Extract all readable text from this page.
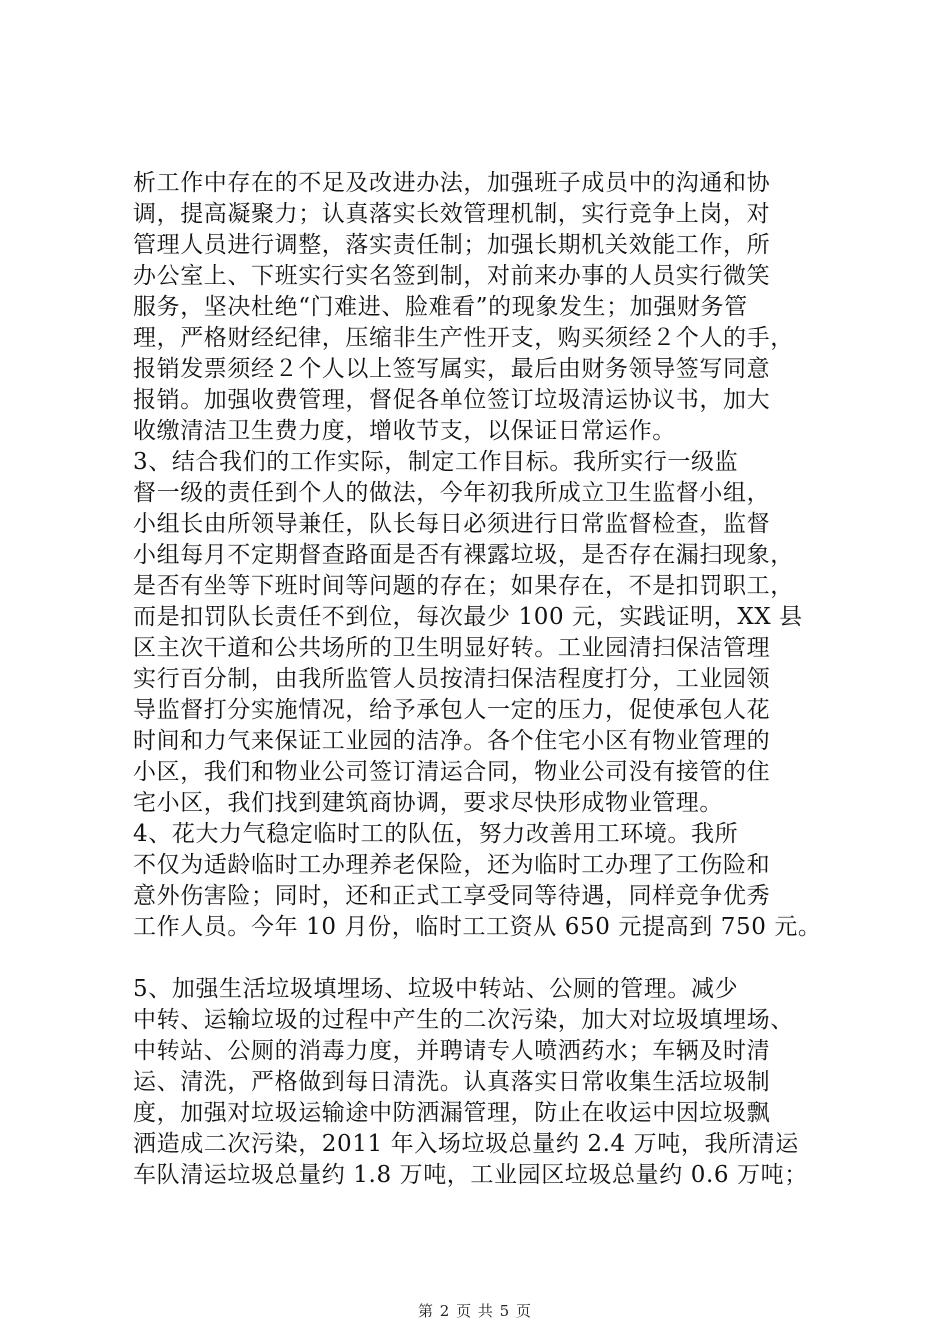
析工作中存在的不足及改进办法，加强班子成员中的沟通和协
调，提高凝聚力；认真落实长效管理机制，实行竞争上岗，对
管理人员进行调整，落实责任制；加强长期机关效能工作，所
办公室上、下班实行实名签到制，对前来办事的人员实行微笑
服务，坚决杜绝“门难进、脸难看”的现象发生；加强财务管
理，严格财经纪律，压缩非生产性开支，购买须经２个人的手，
报销发票须经２个人以上签写属实，最后由财务领导签写同意
报销。加强收费管理，督促各单位签订垃圾清运协议书，加大
收缴清洁卫生费力度，增收节支，以保证日常运作。

3、结合我们的工作实际，制定工作目标。我所实行一级监
督一级的责任到个人的做法，今年初我所成立卫生监督小组，
小组长由所领导兼任，队长每日必须进行日常监督检查，监督
小组每月不定期督查路面是否有裸露垃圾，是否存在漏扫现象，
是否有坐等下班时间等问题的存在；如果存在，不是扣罚职工，
而是扣罚队长责任不到位，每次最少 100 元，实践证明，XX 县
区主次干道和公共场所的卫生明显好转。工业园清扫保洁管理
实行百分制，由我所监管人员按清扫保洁程度打分，工业园领
导监督打分实施情况，给予承包人一定的压力，促使承包人花
时间和力气来保证工业园的洁净。各个住宅小区有物业管理的
小区，我们和物业公司签订清运合同，物业公司没有接管的住
宅小区，我们找到建筑商协调，要求尽快形成物业管理。

4、花大力气稳定临时工的队伍，努力改善用工环境。我所
不仅为适龄临时工办理养老保险，还为临时工办理了工伤险和
意外伤害险；同时，还和正式工享受同等待遇，同样竞争优秀
工作人员。今年 10 月份，临时工工资从 650 元提高到 750 元。

5、加强生活垃圾填埋场、垃圾中转站、公厕的管理。减少
中转、运输垃圾的过程中产生的二次污染，加大对垃圾填埋场、
中转站、公厕的消毒力度，并聘请专人喷洒药水；车辆及时清
运、清洗，严格做到每日清洗。认真落实日常收集生活垃圾制
度，加强对垃圾运输途中防洒漏管理，防止在收运中因垃圾飘
洒造成二次污染，2011 年入场垃圾总量约 2.4 万吨，我所清运
车队清运垃圾总量约 1.8 万吨，工业园区垃圾总量约 0.6 万吨；

第 2 页 共 5 页
